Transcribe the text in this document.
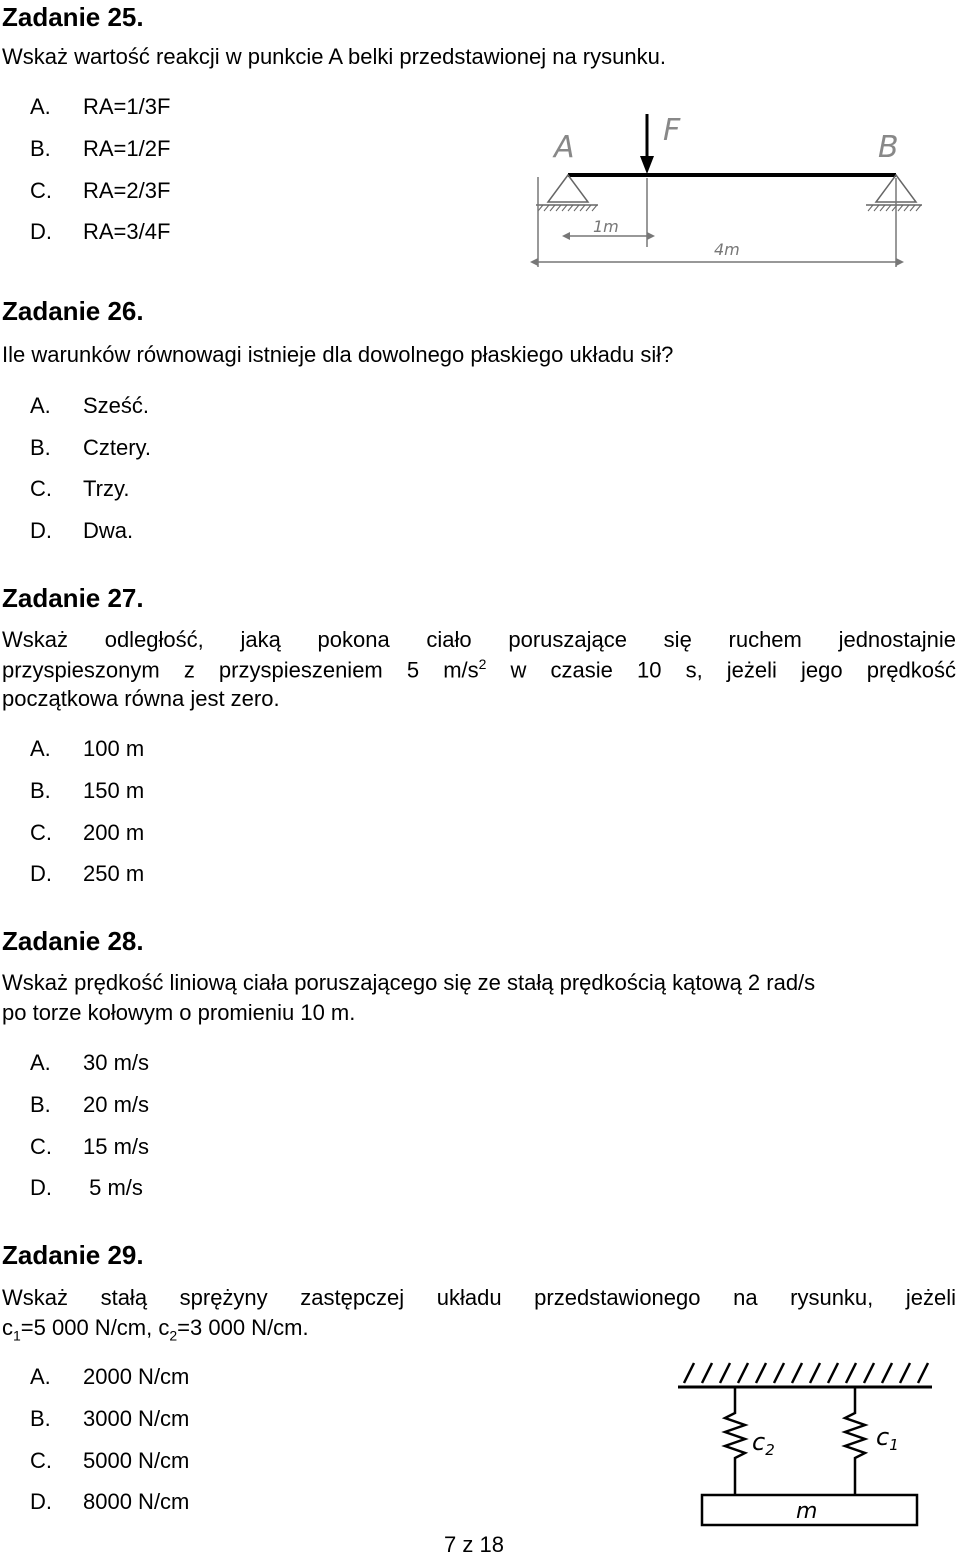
Zadanie 25.
Wskaż wartość reakcji w punkcie A belki przedstawionej na rysunku.
A. RA=1/3F
B. RA=1/2F
C. RA=2/3F
D. RA=3/4F
A	F	B
1m
4m
Zadanie 26.
Ile warunków równowagi istnieje dla dowolnego płaskiego układu sił?
A. Sześć.
B. Cztery.
C. Trzy.
D. Dwa.
Zadanie 27.
Wskaż odległość, jaką pokona ciało poruszające się ruchem jednostajnie
przyspieszonym z przyspieszeniem 5 $m/s^2$ w czasie 10 s, jeżeli jego prędkość
początkowa równa jest zero.
A. 100 m
B. 150 m
C. 200 m
D. 250 m
Zadanie 28.
Wskaż prędkość liniową ciała poruszającego się ze stałą prędkością kątową 2 rad/s
po torze kołowym o promieniu 10 m.
A. 30 m/s
B. 20 m/s
C. 15 m/s
D. 5 m/s
Zadanie 29.
Wskaż stałą sprężyny zastępczej układu przedstawionego na rysunku, jeżeli
$c_1=5$ 000 N/cm, $c_2=3$ 000 N/cm.
A. 2000 N/cm
B. 3000 N/cm
C. 5000 N/cm
D. 8000 N/cm
$c_2$	$c_1$
m
7 z 18
